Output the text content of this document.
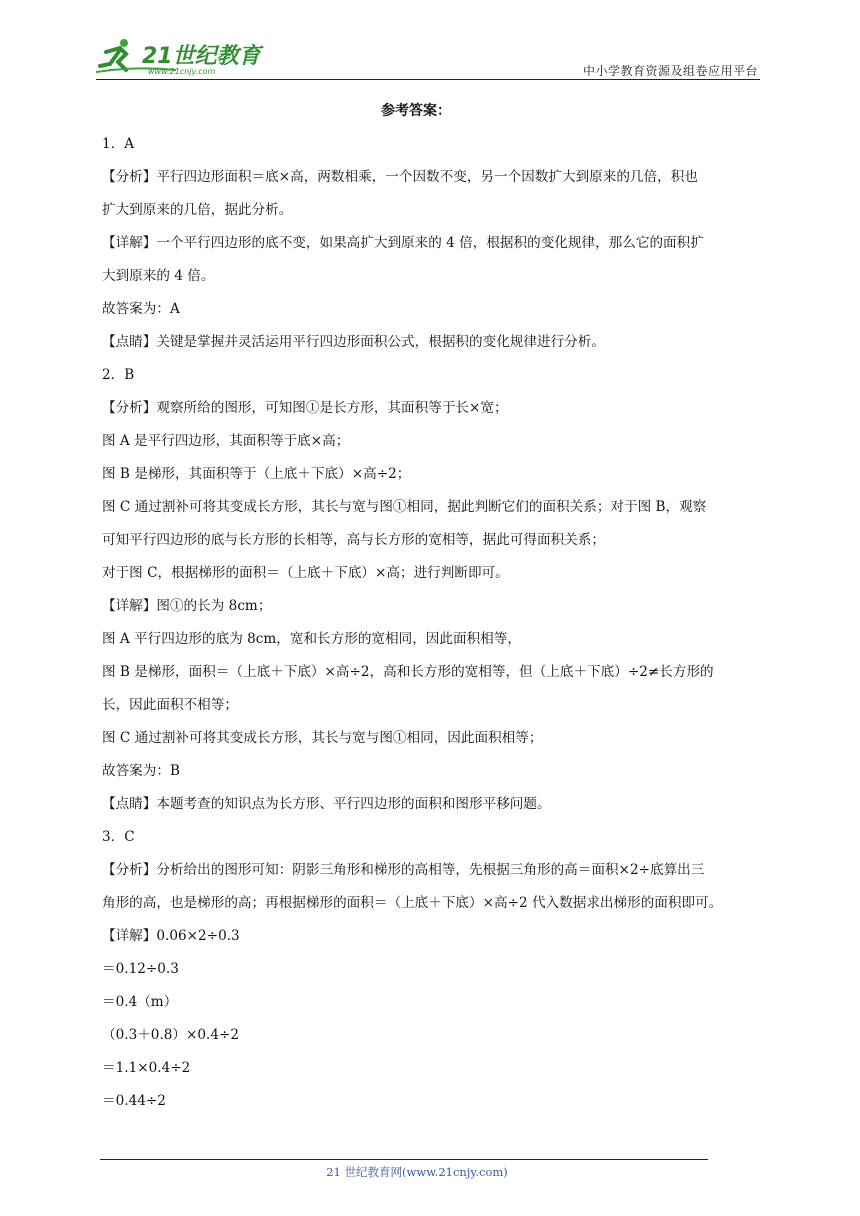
21世纪教育
www.21cnjy.com	中小学教育资源及组卷应用平台
参考答案：
1．A
【分析】平行四边形面积＝底×高，两数相乘，一个因数不变，另一个因数扩大到原来的几倍，积也
扩大到原来的几倍，据此分析。
【详解】一个平行四边形的底不变，如果高扩大到原来的 4 倍，根据积的变化规律，那么它的面积扩
大到原来的 4 倍。
故答案为：A
【点睛】关键是掌握并灵活运用平行四边形面积公式，根据积的变化规律进行分析。
2．B
【分析】观察所给的图形，可知图①是长方形，其面积等于长×宽；
图 A 是平行四边形，其面积等于底×高；
图 B 是梯形，其面积等于（上底＋下底）×高÷2；
图 C 通过割补可将其变成长方形，其长与宽与图①相同，据此判断它们的面积关系；对于图 B，观察
可知平行四边形的底与长方形的长相等，高与长方形的宽相等，据此可得面积关系；
对于图 C，根据梯形的面积＝（上底＋下底）×高；进行判断即可。
【详解】图①的长为 8cm；
图 A 平行四边形的底为 8cm，宽和长方形的宽相同，因此面积相等，
图 B 是梯形，面积＝（上底＋下底）×高÷2，高和长方形的宽相等，但（上底＋下底）÷2≠长方形的
长，因此面积不相等；
图 C 通过割补可将其变成长方形，其长与宽与图①相同，因此面积相等；
故答案为：B
【点睛】本题考查的知识点为长方形、平行四边形的面积和图形平移问题。
3．C
【分析】分析给出的图形可知：阴影三角形和梯形的高相等，先根据三角形的高＝面积×2÷底算出三
角形的高，也是梯形的高；再根据梯形的面积＝（上底＋下底）×高÷2 代入数据求出梯形的面积即可。
【详解】0.06×2÷0.3
＝0.12÷0.3
＝0.4（m）
（0.3＋0.8）×0.4÷2
＝1.1×0.4÷2
＝0.44÷2
21 世纪教育网(www.21cnjy.com)
